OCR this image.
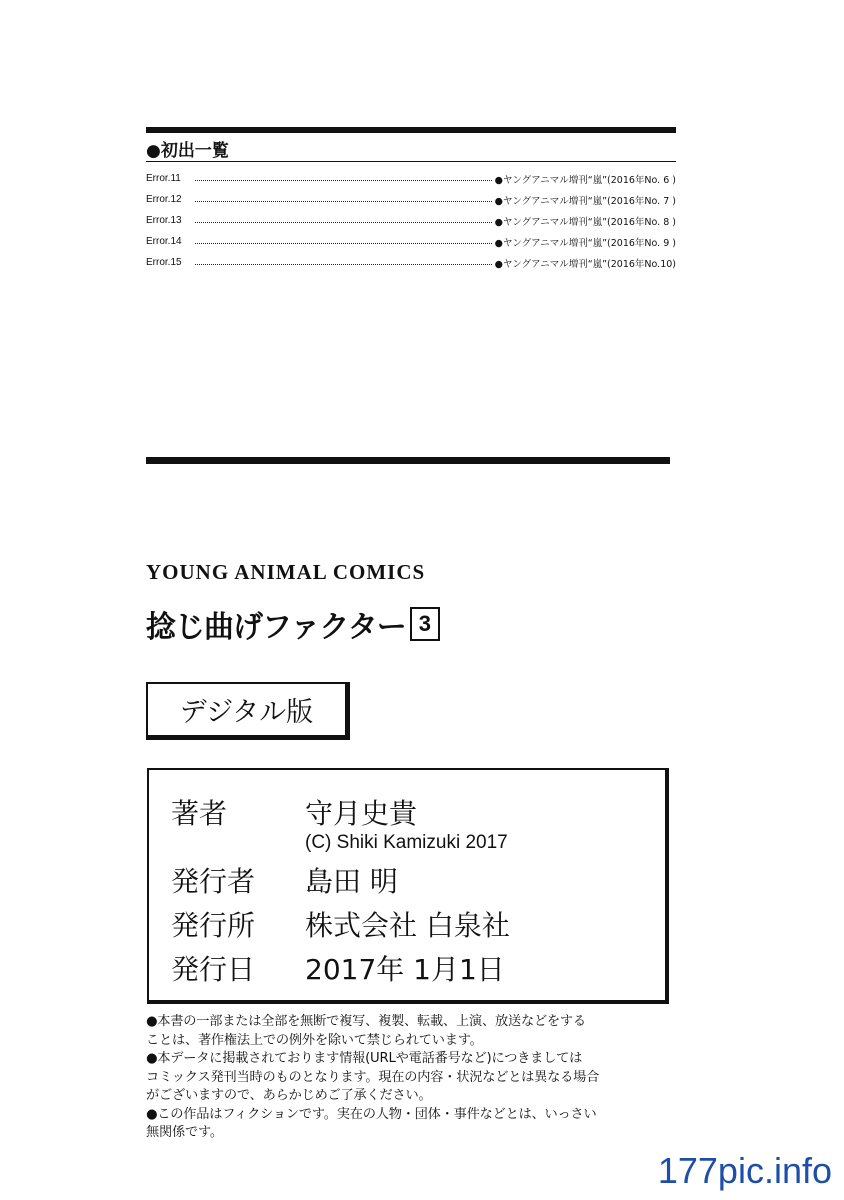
●初出一覧
Error.11	●ヤングアニマル増刊“嵐”(2016年No. 6 )
Error.12	●ヤングアニマル増刊“嵐”(2016年No. 7 )
Error.13	●ヤングアニマル増刊“嵐”(2016年No. 8 )
Error.14	●ヤングアニマル増刊“嵐”(2016年No. 9 )
Error.15	●ヤングアニマル増刊“嵐”(2016年No.10)
YOUNG ANIMAL COMICS
捻じ曲げファクター 3
デジタル版
著者	守月史貴
(C) Shiki Kamizuki 2017
発行者	島田 明
発行所	株式会社 白泉社
発行日	2017年 1月1日
●本書の一部または全部を無断で複写、複製、転載、上演、放送などをする
ことは、著作権法上での例外を除いて禁じられています。
●本データに掲載されております情報(URLや電話番号など)につきましては
コミックス発刊当時のものとなります。現在の内容・状況などとは異なる場合
がございますので、あらかじめご了承ください。
●この作品はフィクションです。実在の人物・団体・事件などとは、いっさい
無関係です。
177pic.info
